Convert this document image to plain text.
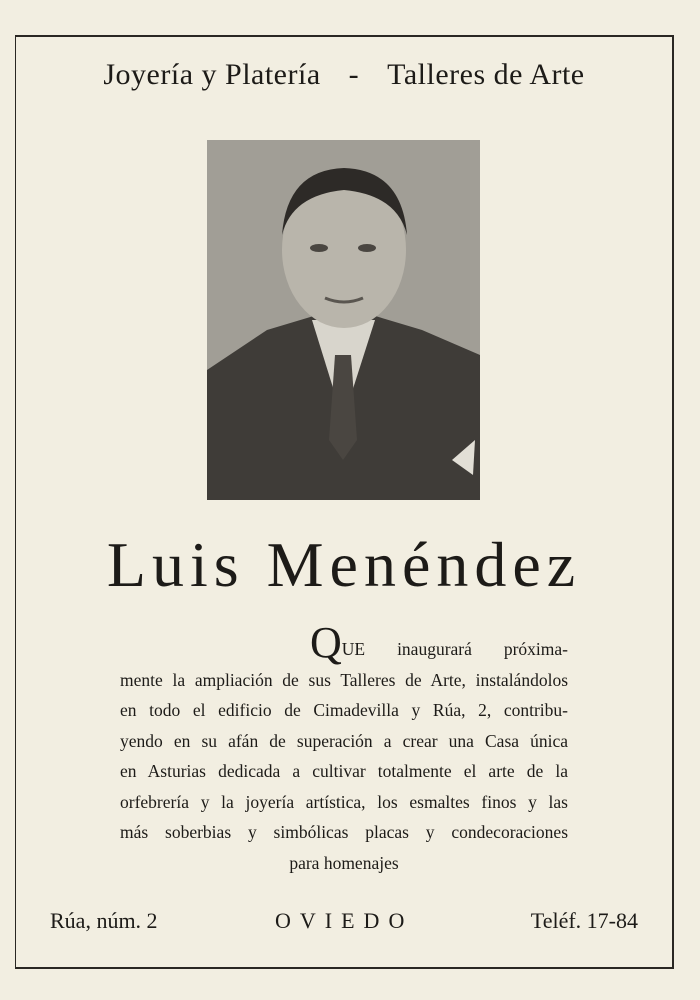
Joyería y Platería - Talleres de Arte
Luis Menéndez
QUE inaugurará próxima-
mente la ampliación de sus Talleres de Arte, instalándolos
en todo el edificio de Cimadevilla y Rúa, 2, contribu-
yendo en su afán de superación a crear una Casa única
en Asturias dedicada a cultivar totalmente el arte de la
orfebrería y la joyería artística, los esmaltes finos y las
más soberbias y simbólicas placas y condecoraciones
para homenajes
Rúa, núm. 2	OVIEDO	Teléf. 17-84
